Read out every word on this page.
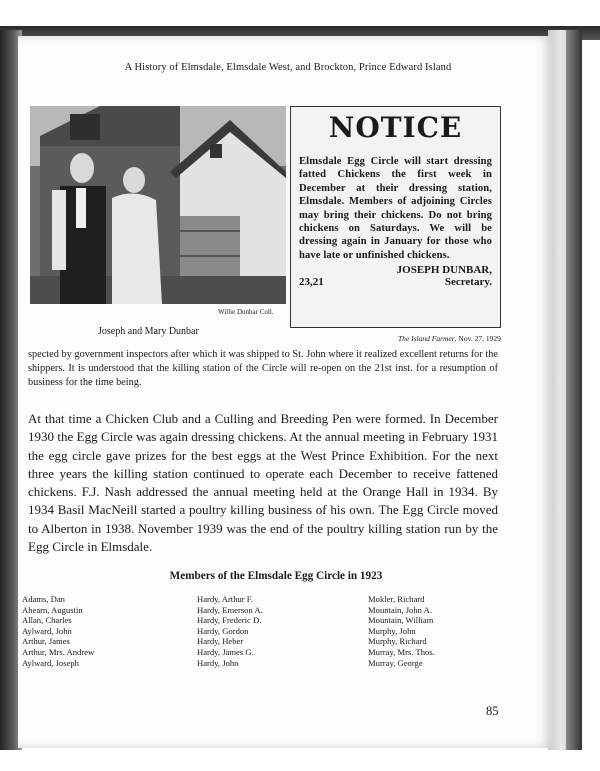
A History of Elmsdale, Elmsdale West, and Brockton, Prince Edward Island
Willie Dunbar Coll.
Joseph and Mary Dunbar
NOTICE
Elmsdale Egg Circle will start dressing fatted Chickens the first week in December at their dressing station, Elmsdale. Members of adjoining Circles may bring their chickens. Do not bring chickens on Saturdays. We will be dressing again in January for those who have late or unfinished chickens.
JOSEPH DUNBAR,
23,21	Secretary.
The Island Farmer, Nov. 27, 1929
spected by government inspectors after which it was shipped to St. John where it realized excellent returns for the shippers. It is understood that the killing station of the Circle will re-open on the 21st inst. for a resumption of business for the time being.
At that time a Chicken Club and a Culling and Breeding Pen were formed. In December 1930 the Egg Circle was again dressing chickens. At the annual meeting in February 1931 the egg circle gave prizes for the best eggs at the West Prince Exhibition. For the next three years the killing station continued to operate each December to receive fattened chickens. F.J. Nash addressed the annual meeting held at the Orange Hall in 1934. By 1934 Basil MacNeill started a poultry killing business of his own. The Egg Circle moved to Alberton in 1938. November 1939 was the end of the poultry killing station run by the Egg Circle in Elmsdale.
Members of the Elmsdale Egg Circle in 1923
Adams, Dan
Ahearn, Augustin
Allan, Charles
Aylward, John
Arthur, James
Arthur, Mrs. Andrew
Aylward, Joseph
Hardy, Arthur F.
Hardy, Emerson A.
Hardy, Frederic D.
Hardy, Gordon
Hardy, Heber
Hardy, James G.
Hardy, John
Mokler, Richard
Mountain, John A.
Mountain, William
Murphy, John
Murphy, Richard
Murray, Mrs. Thos.
Murray, George
85
